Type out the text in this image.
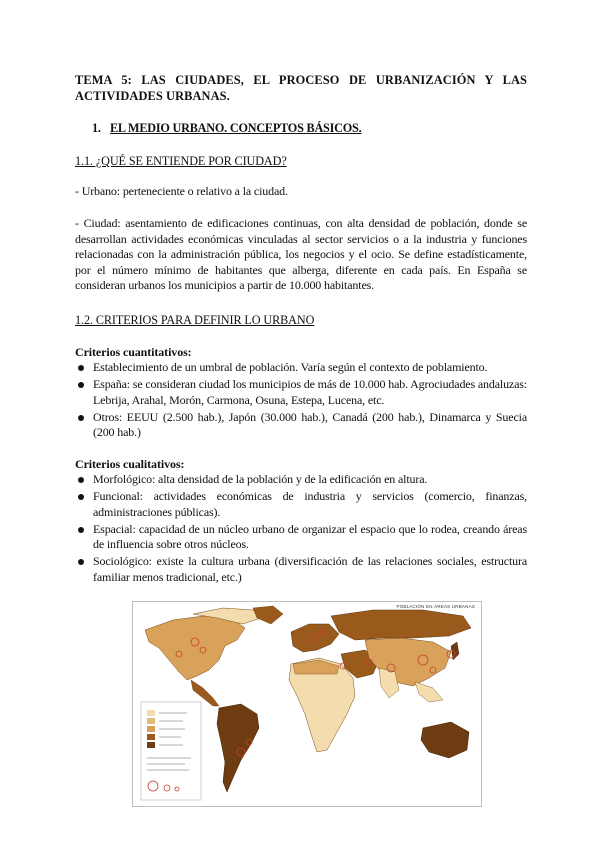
TEMA 5: LAS CIUDADES, EL PROCESO DE URBANIZACIÓN Y LAS ACTIVIDADES URBANAS.
1. EL MEDIO URBANO. CONCEPTOS BÁSICOS.
1.1. ¿QUÉ SE ENTIENDE POR CIUDAD?
- Urbano: perteneciente o relativo a la ciudad.
- Ciudad: asentamiento de edificaciones continuas, con alta densidad de población, donde se desarrollan actividades económicas vinculadas al sector servicios o a la industria y funciones relacionadas con la administración pública, los negocios y el ocio. Se define estadísticamente, por el número mínimo de habitantes que alberga, diferente en cada país. En España se consideran urbanos los municipios a partir de 10.000 habitantes.
1.2. CRITERIOS PARA DEFINIR LO URBANO
Criterios cuantitativos:
Establecimiento de un umbral de población. Varía según el contexto de poblamiento.
España: se consideran ciudad los municipios de más de 10.000 hab. Agrociudades andaluzas: Lebrija, Arahal, Morón, Carmona, Osuna, Estepa, Lucena, etc.
Otros: EEUU (2.500 hab.), Japón (30.000 hab.), Canadá (200 hab.), Dinamarca y Suecia (200 hab.)
Criterios cualitativos:
Morfológico: alta densidad de la población y de la edificación en altura.
Funcional: actividades económicas de industria y servicios (comercio, finanzas, administraciones públicas).
Espacial: capacidad de un núcleo urbano de organizar el espacio que lo rodea, creando áreas de influencia sobre otros núcleos.
Sociológico: existe la cultura urbana (diversificación de las relaciones sociales, estructura familiar menos tradicional, etc.)
POBLACIÓN EN ÁREAS URBANAS
